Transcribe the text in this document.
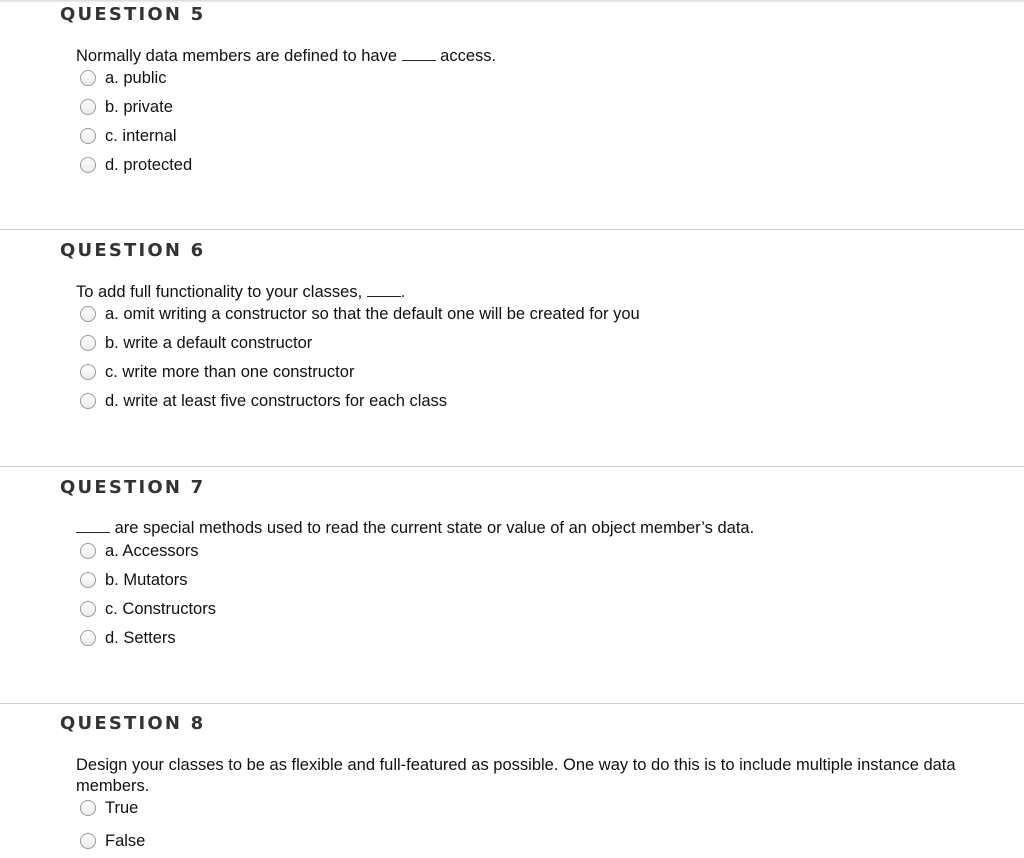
QUESTION 5

Normally data members are defined to have  access.

a. public
b. private
c. internal
d. protected
QUESTION 6

To add full functionality to your classes, .

a. omit writing a constructor so that the default one will be created for you
b. write a default constructor
c. write more than one constructor
d. write at least five constructors for each class
QUESTION 7

are special methods used to read the current state or value of an object member’s data.

a. Accessors
b. Mutators
c. Constructors
d. Setters
QUESTION 8

Design your classes to be as flexible and full-featured as possible. One way to do this is to include multiple instance data members.

True
False
